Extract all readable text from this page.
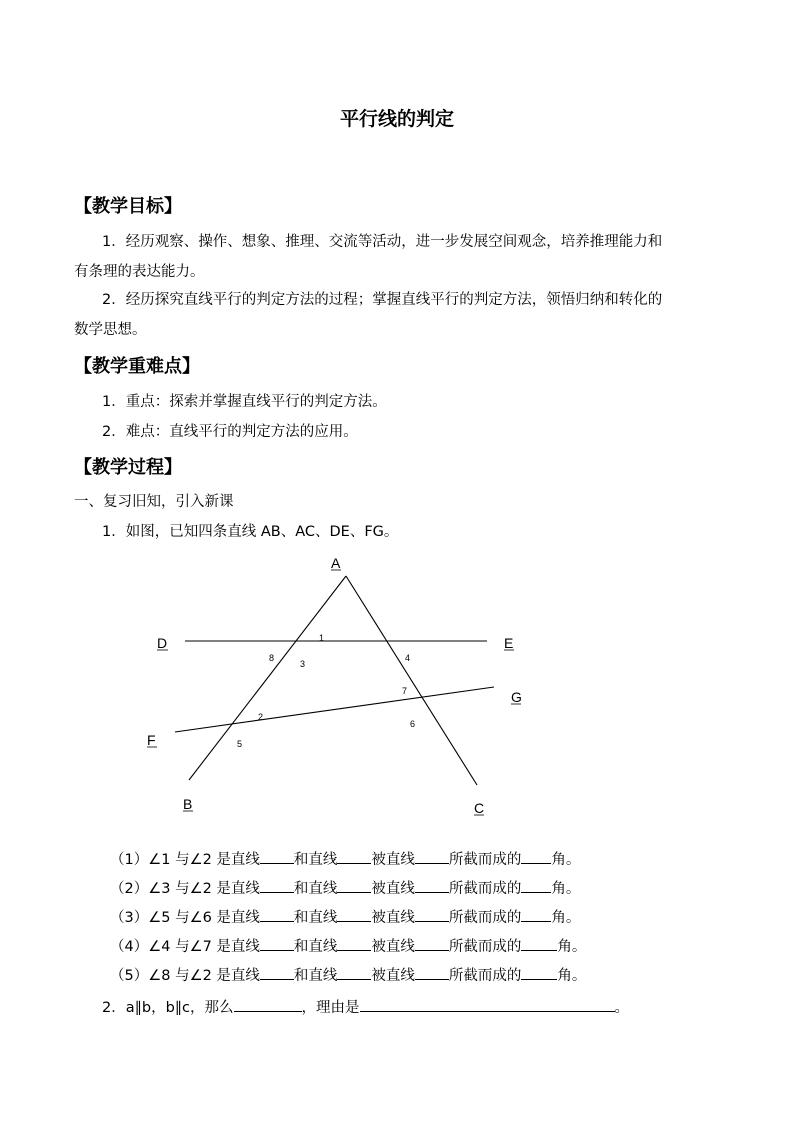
平行线的判定
【教学目标】
1．经历观察、操作、想象、推理、交流等活动，进一步发展空间观念，培养推理能力和
有条理的表达能力。
2．经历探究直线平行的判定方法的过程；掌握直线平行的判定方法，领悟归纳和转化的
数学思想。
【教学重难点】
1．重点：探索并掌握直线平行的判定方法。
2．难点：直线平行的判定方法的应用。
【教学过程】
一、复习旧知，引入新课
1．如图，已知四条直线 AB、AC、DE、FG。
A
B	C
D	E
F
G
1
2
3
4
5
6
7
8
（1）∠1 与∠2 是直线 和直线 被直线 所截而成的 角。
（2）∠3 与∠2 是直线 和直线 被直线 所截而成的 角。
（3）∠5 与∠6 是直线 和直线 被直线 所截而成的 角。
（4）∠4 与∠7 是直线 和直线 被直线 所截而成的 角。
（5）∠8 与∠2 是直线 和直线 被直线 所截而成的 角。
2．a∥b，b∥c，那么	，理由是	。
